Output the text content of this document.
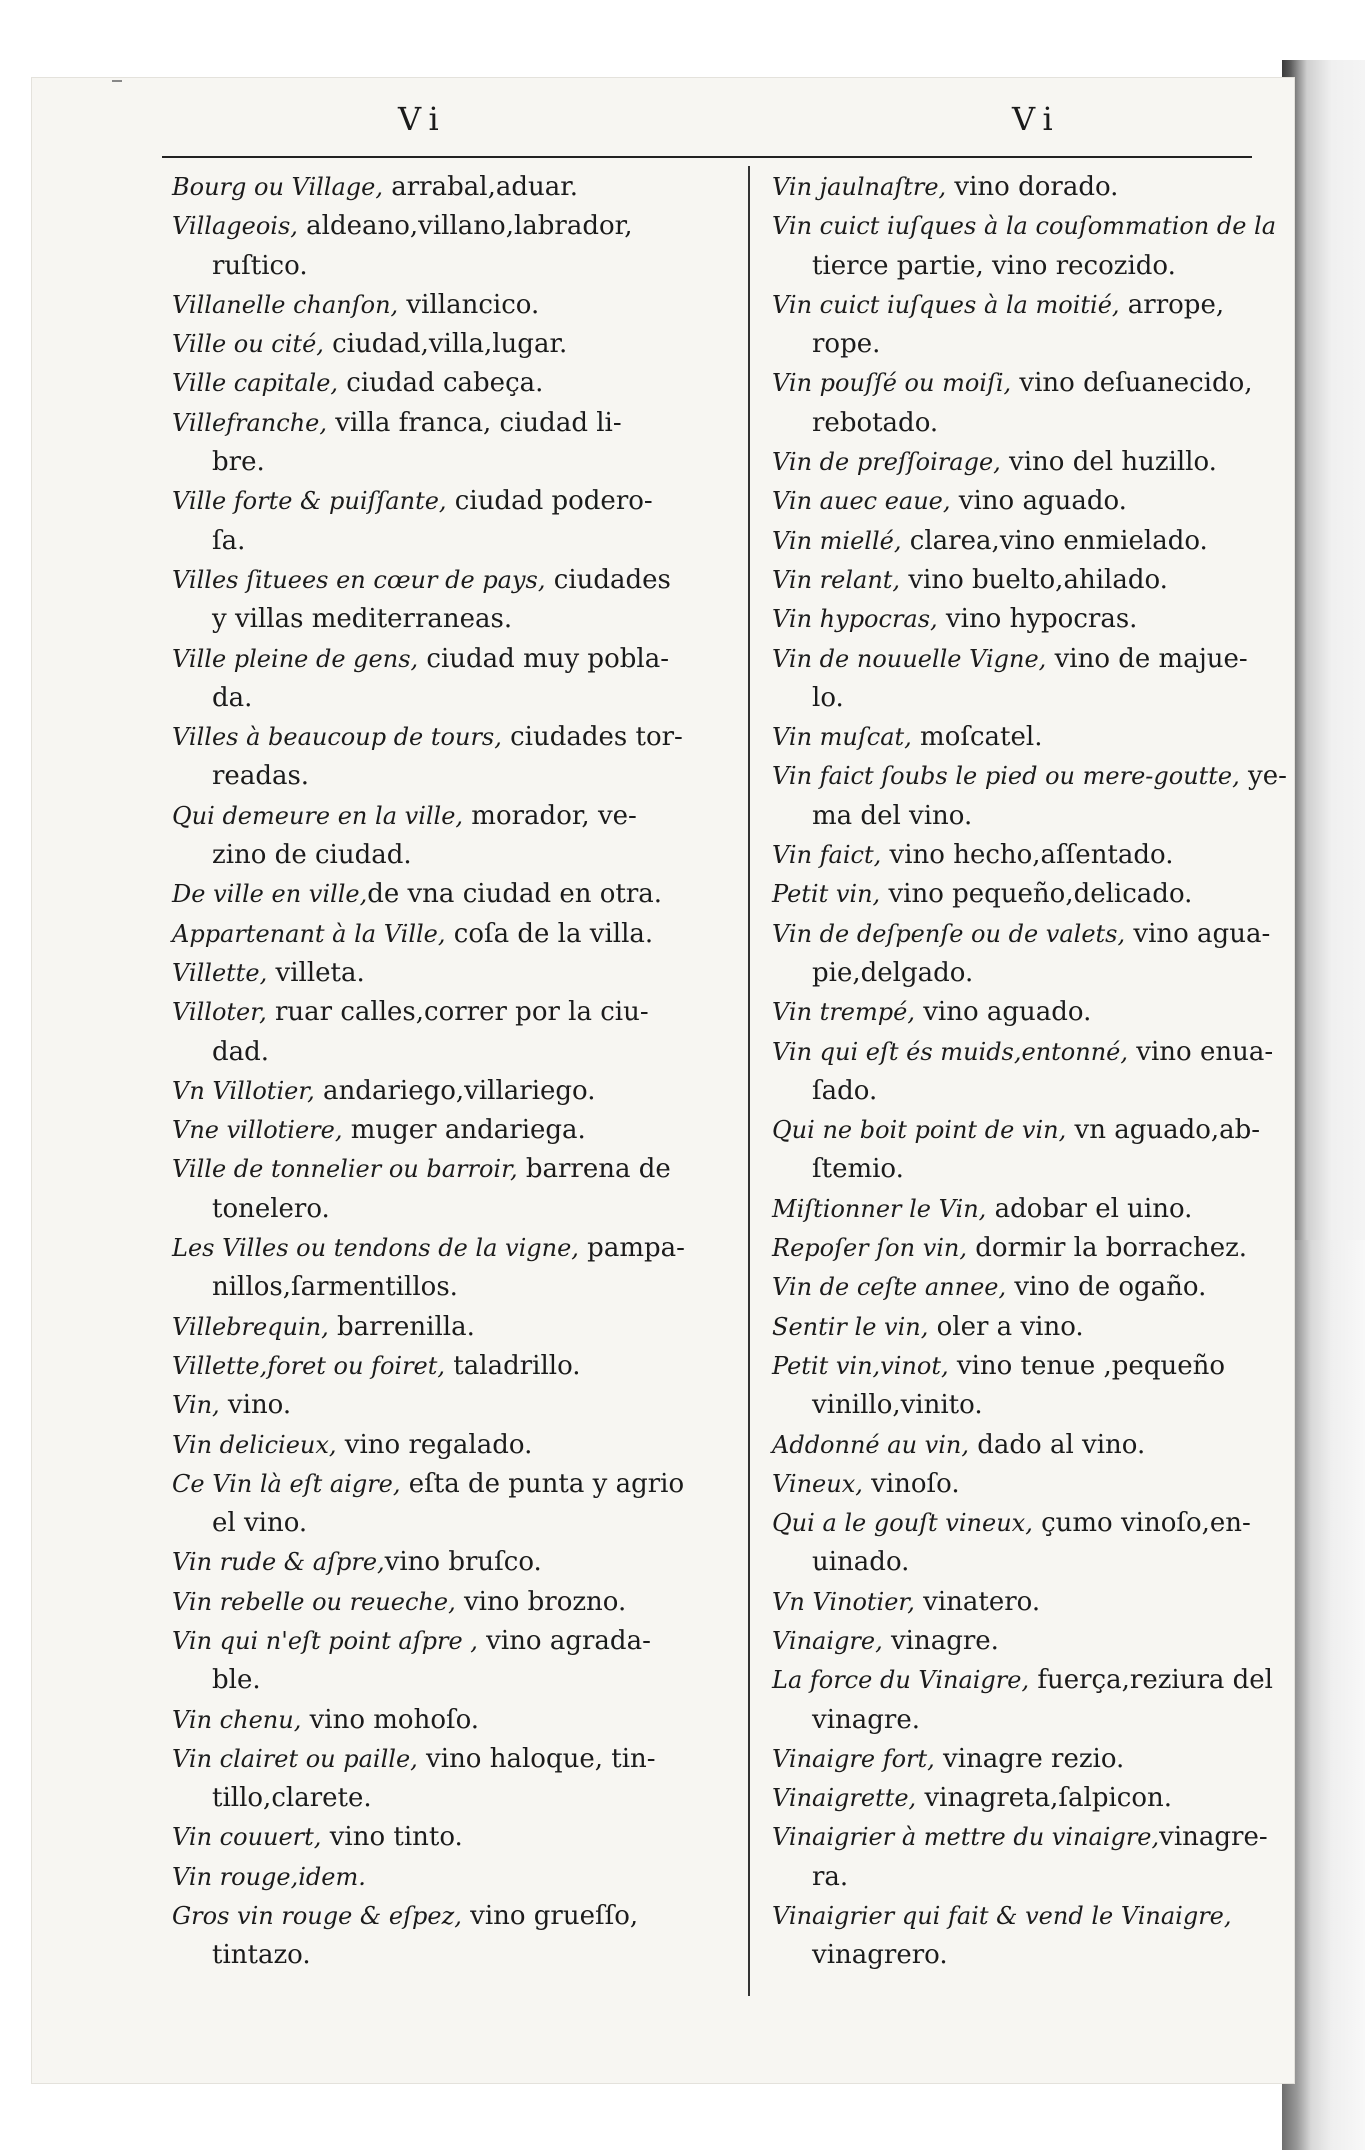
Vi	Vi
Bourg ou Village, arrabal,aduar.
Villageois, aldeano,villano,labrador,
ruſtico.
Villanelle chanſon, villancico.
Ville ou cité, ciudad,villa,lugar.
Ville capitale, ciudad cabeça.
Villefranche, villa franca, ciudad li-
bre.
Ville forte & puiſſante, ciudad podero-
ſa.
Villes ſituees en cœur de pays, ciudades
y villas mediterraneas.
Ville pleine de gens, ciudad muy pobla-
da.
Villes à beaucoup de tours, ciudades tor-
readas.
Qui demeure en la ville, morador, ve-
zino de ciudad.
De ville en ville,de vna ciudad en otra.
Appartenant à la Ville, coſa de la villa.
Villette, villeta.
Villoter, ruar calles,correr por la ciu-
dad.
Vn Villotier, andariego,villariego.
Vne villotiere, muger andariega.
Ville de tonnelier ou barroir, barrena de
tonelero.
Les Villes ou tendons de la vigne, pampa-
nillos,ſarmentillos.
Villebrequin, barrenilla.
Villette,foret ou foiret, taladrillo.
Vin, vino.
Vin delicieux, vino regalado.
Ce Vin là eſt aigre, eſta de punta y agrio
el vino.
Vin rude & aſpre,vino bruſco.
Vin rebelle ou reueche, vino brozno.
Vin qui n'eſt point aſpre , vino agrada-
ble.
Vin chenu, vino mohoſo.
Vin clairet ou paille, vino haloque, tin-
tillo,clarete.
Vin couuert, vino tinto.
Vin rouge,idem.
Gros vin rouge & eſpez, vino grueſſo,
tintazo.
Vin jaulnaſtre, vino dorado.
Vin cuict iuſques à la couſommation de la
tierce partie, vino recozido.
Vin cuict iuſques à la moitié, arrope,
rope.
Vin pouſſé ou moiſi, vino deſuanecido,
rebotado.
Vin de preſſoirage, vino del huzillo.
Vin auec eaue, vino aguado.
Vin miellé, clarea,vino enmielado.
Vin relant, vino buelto,ahilado.
Vin hypocras, vino hypocras.
Vin de nouuelle Vigne, vino de majue-
lo.
Vin muſcat, moſcatel.
Vin faict ſoubs le pied ou mere-goutte, ye-
ma del vino.
Vin faict, vino hecho,aſſentado.
Petit vin, vino pequeño,delicado.
Vin de deſpenſe ou de valets, vino agua-
pie,delgado.
Vin trempé, vino aguado.
Vin qui eſt és muids,entonné, vino enua-
ſado.
Qui ne boit point de vin, vn aguado,ab-
ſtemio.
Miſtionner le Vin, adobar el uino.
Repoſer ſon vin, dormir la borrachez.
Vin de ceſte annee, vino de ogaño.
Sentir le vin, oler a vino.
Petit vin,vinot, vino tenue ,pequeño
vinillo,vinito.
Addonné au vin, dado al vino.
Vineux, vinoſo.
Qui a le gouſt vineux, çumo vinoſo,en-
uinado.
Vn Vinotier, vinatero.
Vinaigre, vinagre.
La force du Vinaigre, fuerça,reziura del
vinagre.
Vinaigre fort, vinagre rezio.
Vinaigrette, vinagreta,ſalpicon.
Vinaigrier à mettre du vinaigre,vinagre-
ra.
Vinaigrier qui fait & vend le Vinaigre,
vinagrero.
